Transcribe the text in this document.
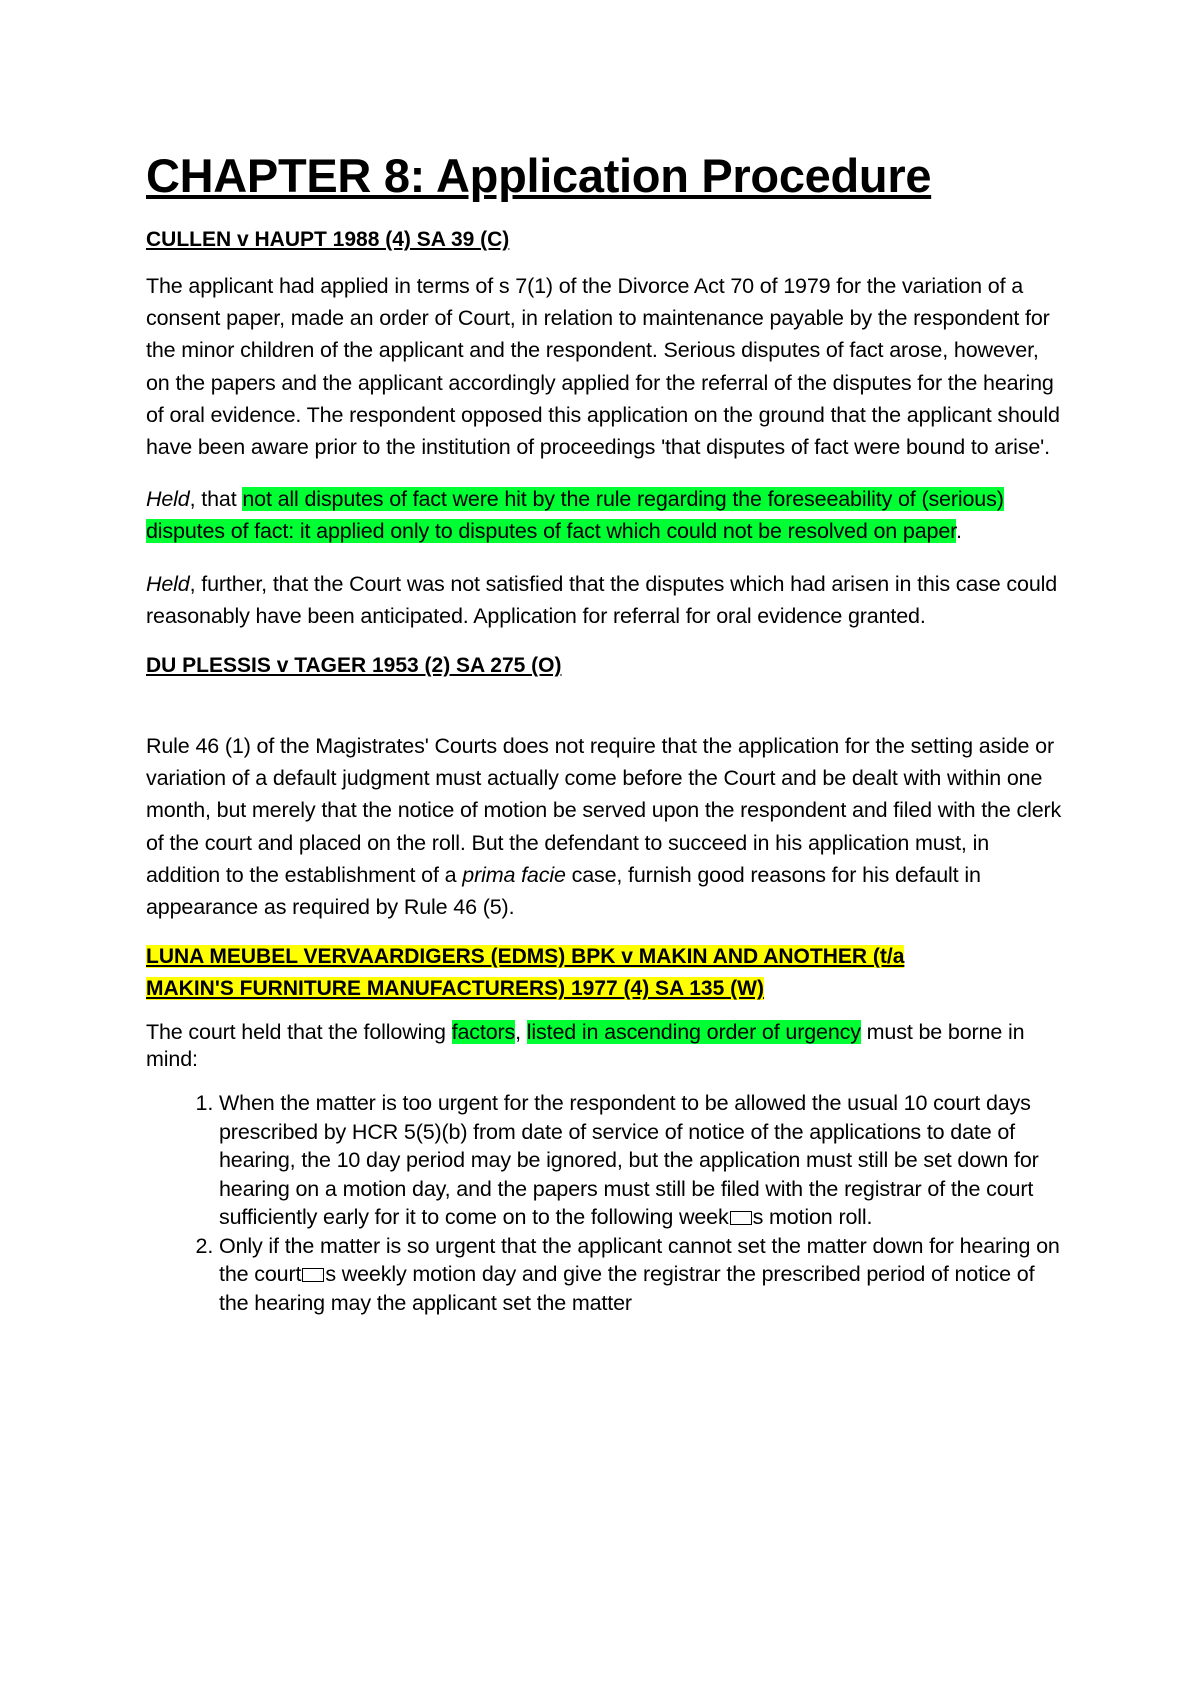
CHAPTER 8: Application Procedure

CULLEN v HAUPT 1988 (4) SA 39 (C)

The applicant had applied in terms of s 7(1) of the Divorce Act 70 of 1979 for the variation of a consent paper, made an order of Court, in relation to maintenance payable by the respondent for the minor children of the applicant and the respondent. Serious disputes of fact arose, however, on the papers and the applicant accordingly applied for the referral of the disputes for the hearing of oral evidence. The respondent opposed this application on the ground that the applicant should have been aware prior to the institution of proceedings 'that disputes of fact were bound to arise'.

Held, that not all disputes of fact were hit by the rule regarding the foreseeability of (serious) disputes of fact: it applied only to disputes of fact which could not be resolved on paper.

Held, further, that the Court was not satisfied that the disputes which had arisen in this case could reasonably have been anticipated. Application for referral for oral evidence granted.

DU PLESSIS v TAGER 1953 (2) SA 275 (O)

Rule 46 (1) of the Magistrates' Courts does not require that the application for the setting aside or variation of a default judgment must actually come before the Court and be dealt with within one month, but merely that the notice of motion be served upon the respondent and filed with the clerk of the court and placed on the roll. But the defendant to succeed in his application must, in addition to the establishment of a prima facie case, furnish good reasons for his default in appearance as required by Rule 46 (5).

LUNA MEUBEL VERVAARDIGERS (EDMS) BPK v MAKIN AND ANOTHER (t/a
MAKIN'S FURNITURE MANUFACTURERS) 1977 (4) SA 135 (W)

The court held that the following factors, listed in ascending order of urgency must be borne in mind:

1. When the matter is too urgent for the respondent to be allowed the usual 10 court days prescribed by HCR 5(5)(b) from date of service of notice of the applications to date of hearing, the 10 day period may be ignored, but the application must still be set down for hearing on a motion day, and the papers must still be filed with the registrar of the court sufficiently early for it to come on to the following week s motion roll.
2. Only if the matter is so urgent that the applicant cannot set the matter down for hearing on the court s weekly motion day and give the registrar the prescribed period of notice of the hearing may the applicant set the matter
